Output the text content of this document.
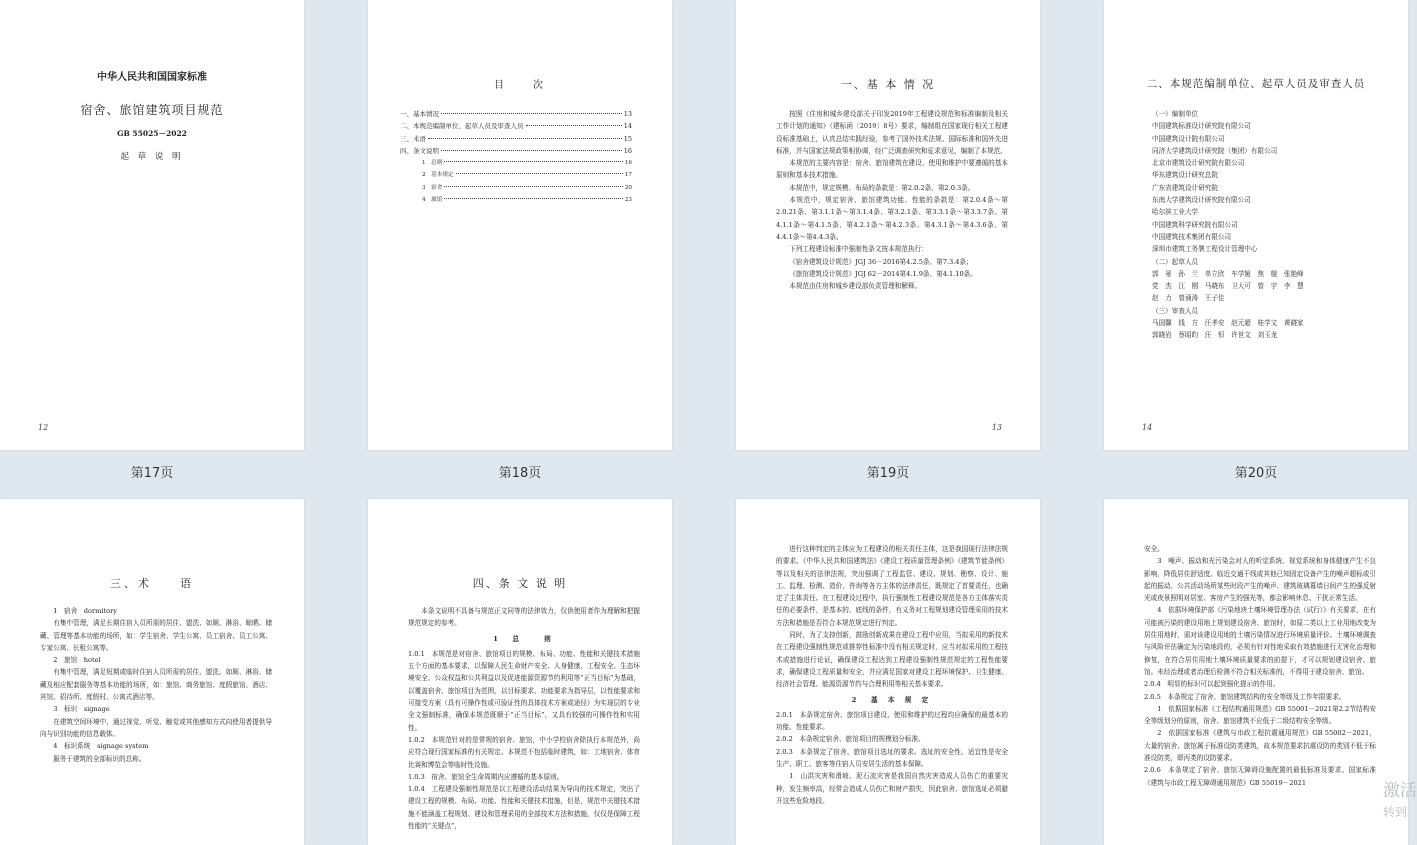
中华人民共和国国家标准
宿舍、旅馆建筑项目规范
GB 55025－2022
起 草 说 明
12
目　　次
一、基本情况	13
二、本规范编制单位、起草人员及审查人员	14
三、术语	15
四、条文说明	16
1　总则	16
2　基本规定	17
3　宿舍	20
4　旅馆	23
一、基 本 情 况

按照《住房和城乡建设部关于印发2019年工程建设规范和标准编制及相关工作计划的通知》（建标函〔2019〕8号）要求，编制组在国家现行相关工程建设标准基础上，认真总结实践经验，参考了国外技术法规、国际标准和国外先进标准，并与国家法规政策相协调，经广泛调查研究和征求意见，编制了本规范。

本规范的主要内容是：宿舍、旅馆建筑在建设、使用和维护中要遵循的基本原则和基本技术措施。

本规范中，规定规模、布局的条款是：第2.0.2条、第2.0.3条。

本规范中，规定宿舍、旅馆建筑功能、性能的条款是：第2.0.4条～第2.0.21条、第3.1.1条～第3.1.4条、第3.2.1条、第3.3.1条～第3.3.7条、第4.1.1条～第4.1.5条、第4.2.1条～第4.2.3条、第4.3.1条～第4.3.6条、第4.4.1条～第4.4.3条。

下列工程建设标准中强制性条文按本规范执行：

《宿舍建筑设计规范》JGJ 36－2016第4.2.5条、第7.3.4条；

《旅馆建筑设计规范》JGJ 62－2014第4.1.9条、第4.1.10条。

本规范由住房和城乡建设部负责管理和解释。

13
二、本规范编制单位、起草人员及审查人员
（一）编制单位
中国建筑标准设计研究院有限公司
中国建筑设计院有限公司
同济大学建筑设计研究院（集团）有限公司
北京市建筑设计研究院有限公司
华东建筑设计研究总院
广东省建筑设计研究院
东南大学建筑设计研究院有限公司
哈尔滨工业大学
中国建筑科学研究院有限公司
中国建筑技术集团有限公司
深圳市建筑工务署工程设计管理中心
（二）起草人员
郭　景　孙　兰　单立欣　车学娅　焦　舰　张艳峰
党　杰　江　刚　马晓东　卫大可　曾　宇　李　慧
赵　力　曾涌涛　王子佳
（三）审查人员
马国馨　钱　方　汪孝安　赵元超　桂学文　黄晓家
郭晓岩　蔡昭昀　汪　恒　许世文　刘玉龙
14
第17页	第18页	第19页	第20页
三、术　　语

1　宿舍　dormitory

有集中管理，满足长期住宿人员所需的居住、盥洗、如厕、淋浴、晾晒、储藏、管理等基本功能的场所，如：学生宿舍、学生公寓、员工宿舍、员工公寓、专家公寓、长租公寓等。

2　旅馆　hotel

有集中管理，满足短期或临时住宿人员所需的居住、盥洗、如厕、淋浴、储藏及相应配套服务等基本功能的场所，如：旅馆、商务旅馆、度假旅馆、酒店、宾馆、招待所、度假村、公寓式酒店等。

3　标识　signage

在建筑空间环境中，通过视觉、听觉、触觉或其他感知方式向使用者提供导向与识别功能的信息载体。

4　标识系统　signage system

服务于建筑的全部标识的总称。

四、条 文 说 明

本条文说明不具备与规范正文同等的法律效力，仅供使用者作为理解和把握规范规定的参考。

1　总　　则

1.0.1　本规范是对宿舍、旅馆项目的规模、布局、功能、性能和关键技术措施五个方面的基本要求，以保障人民生命财产安全、人身健康、工程安全、生态环境安全、公众权益和公共利益以及促进能源资源节约利用等“正当目标”为基础，以覆盖宿舍、旅馆项目为范围，以目标要求、功能要求为指导层，以性能要求和可接受方案（具有可操作性或可验证性的具体技术方案或途径）为实现层的专业全文强制标准，确保本规范既顺于“正当目标”，又具有较强的可操作性和实用性。

1.0.2　本规范针对的是常规的宿舍、旅馆，中小学校宿舍除执行本规范外，尚应符合现行国家标准的有关规定。本规范不包括临时建筑，如：工地宿舍、体育比赛和博览会等临时性设施。

1.0.3　宿舍、旅馆全生命周期内应遵循的基本原则。

1.0.4　工程建设强制性规范是以工程建设活动结果为导向的技术规定，突出了建设工程的规模、布局、功能、性能和关键技术措施，但是，规范中关键技术措施不能涵盖工程规划、建设和管理采用的全部技术方法和措施，仅仅是保障工程性能的“关键点”，

进行这种判定的主体应为工程建设的相关责任主体，这是我国现行法律法规的要求。《中华人民共和国建筑法》《建设工程质量管理条例》《建筑节能条例》等以及相关的法律法规，突出强调了工程监管、建设、规划、勘察、设计、施工、监理、检测、造价、咨询等各方主体的法律责任，既规定了首要责任，也确定了主体责任。在工程建设过程中，执行强制性工程建设规范是各方主体落实责任的必要条件，是基本的、底线的条件，有义务对工程规划建设管理采用的技术方法和措施是否符合本规范规定进行判定。

同时，为了支持创新，鼓励创新成果在建设工程中应用，当拟采用的新技术在工程建设强制性规范或推荐性标准中没有相关规定时，应当对拟采用的工程技术或措施进行论证，确保建设工程达到工程建设强制性规范规定的工程性能要求，确保建设工程质量和安全，并应满足国家对建设工程环境保护、卫生健康、经济社会管理、能源资源节约与合理利用等相关基本要求。

2　基 本 规 定

2.0.1　本条规定宿舍、旅馆项目建设、使用和维护的过程均应确保的最基本的功能、性能要求。

2.0.2　本条规定宿舍、旅馆项目的规模划分标准。

2.0.3　本条规定了宿舍、旅馆项目选址的要求。选址的安全性、适宜性是安全生产、职工、旅客等住宿人员安居生活的基本保障。

1　山洪灾害和滑坡、泥石流灾害是我国自然灾害造成人员伤亡的重要灾种，发生频率高，经常会造成人员伤亡和财产损失，因此宿舍、旅馆选址必须避开这些危险地段。

安全。

3　噪声、振动和光污染会对人的听觉系统、视觉系统和身体健康产生不良影响，降低居住舒适度。临近交通干线或其他已知固定设备产生的噪声超标或引起的振动、公共活动场所某些时段产生的噪声、建筑玻璃幕墙日间产生的强反射光或夜景照明对居室、客房产生的强光等，都会影响休息、干扰正常生活。

4　依据环境保护部《污染地块土壤环境管理办法（试行）》有关要求，在有可能被污染的建设用地上规划建设宿舍、旅馆时，如原二类以上工业用地改变为居住用地时，需对该建设用地的土壤污染情况进行环境质量评价。土壤环境调查与风险评估确定为污染地段的，必须有针对性地采取有效措施进行无害化治理和修复，在符合居住用地土壤环境质量要求的前提下，才可以规划建设宿舍、旅馆。未经治理或者治理后检测不符合相关标准的，不得用于建设宿舍、旅馆。

2.0.4　明显的标识可以起到强化提示的作用。

2.0.5　本条规定了宿舍、旅馆建筑结构的安全等级及工作年限要求。

1　依据国家标准《工程结构通用规范》GB 55001－2021第2.2节结构安全等级划分的原则，宿舍、旅馆建筑不应低于二级结构安全等级。

2　依据国家标准《建筑与市政工程抗震通用规范》GB 55002－2021，大量的宿舍、旅馆属于标准设防类建筑，故本规范要求抗震设防的类别不低于标准设防类，即丙类的设防要求。

2.0.6　本条规定了宿舍、旅馆无障碍设施配置的最低标准及要求。国家标准《建筑与市政工程无障碍通用规范》GB 55019－2021	激活
转到
